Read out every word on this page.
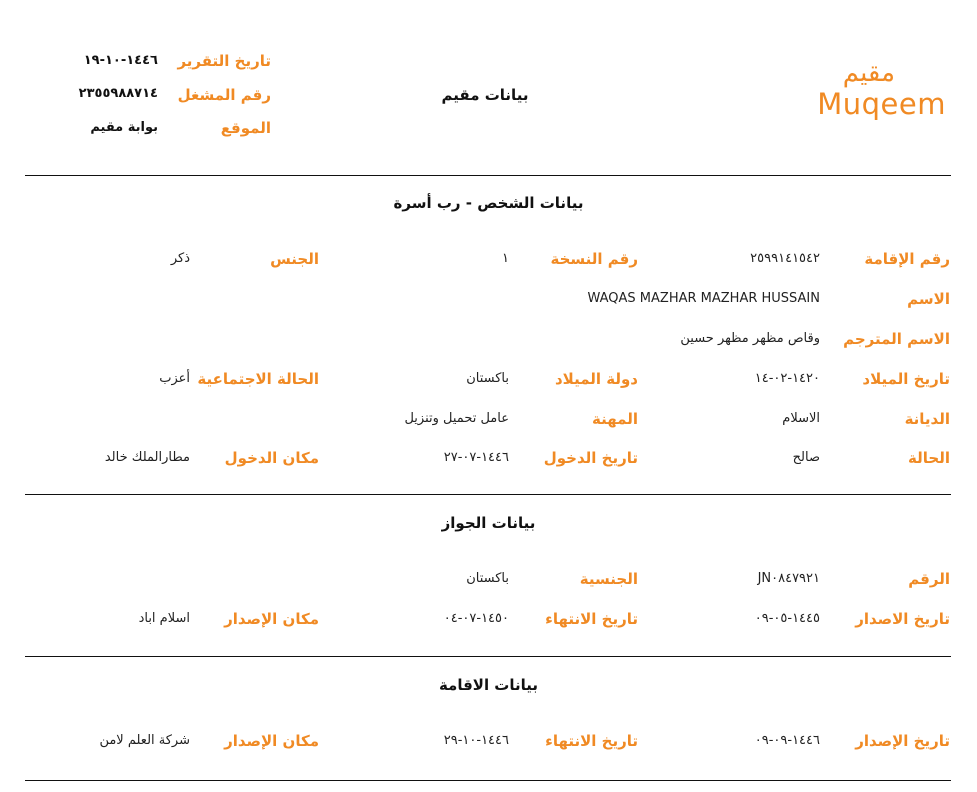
مقيم
Muqeem
بيانات مقيم
تاريخ التقرير
١٤٤٦-١٠-١٩
رقم المشغل
٢٣٥٥٩٨٨٧١٤
الموقع
بوابة مقيم
بيانات الشخص - رب أسرة
رقم الإقامة
٢٥٩٩١٤١٥٤٢
رقم النسخة
١
الجنس
ذكر
الاسم
WAQAS MAZHAR MAZHAR HUSSAIN
الاسم المترجم
وقاص مظهر مظهر حسين
تاريخ الميلاد
١٤٢٠-٠٢-١٤
دولة الميلاد
باكستان
الحالة الاجتماعية
أعزب
الديانة
الاسلام
المهنة
عامل تحميل وتنزيل
الحالة
صالح
تاريخ الدخول
١٤٤٦-٠٧-٢٧
مكان الدخول
مطارالملك خالد
بيانات الجواز
الرقم
JN٠٨٤٧٩٢١
الجنسية
باكستان
تاريخ الاصدار
١٤٤٥-٠٥-٠٩
تاريخ الانتهاء
١٤٥٠-٠٧-٠٤
مكان الإصدار
اسلام اباد
بيانات الاقامة
تاريخ الإصدار
١٤٤٦-٠٩-٠٩
تاريخ الانتهاء
١٤٤٦-١٠-٢٩
مكان الإصدار
شركة العلم لامن
